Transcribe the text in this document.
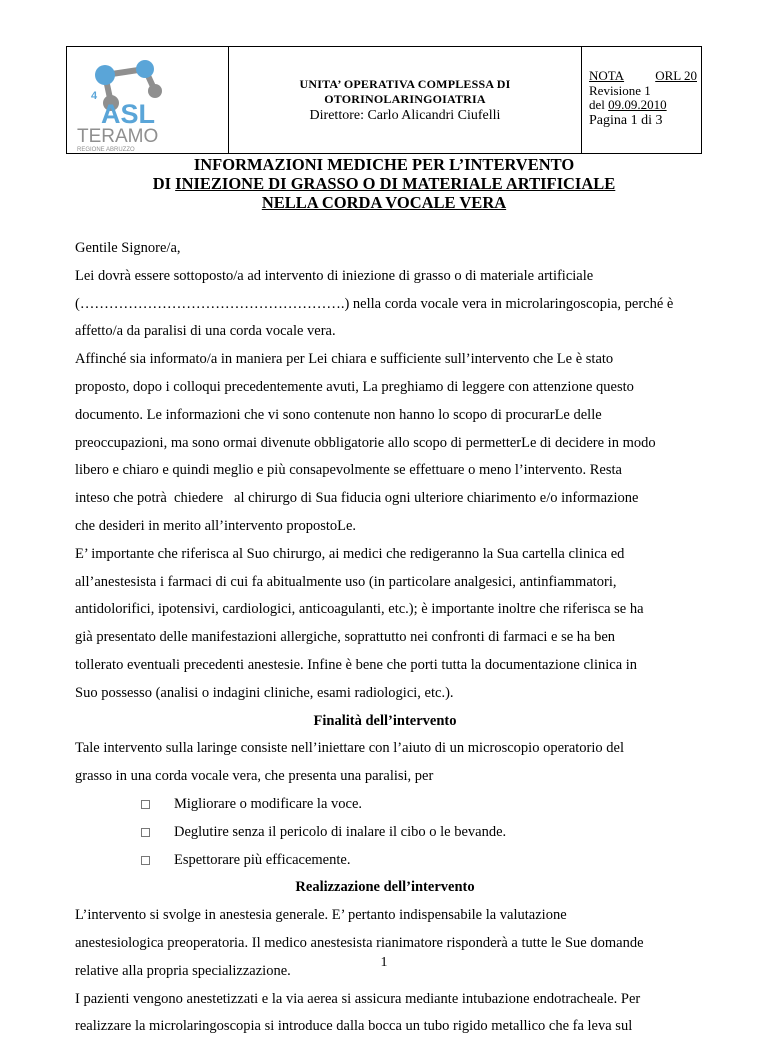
4
ASL
TERAMO
REGIONE ABRUZZO
UNITA’ OPERATIVA COMPLESSA DI
OTORINOLARINGOIATRIA
Direttore: Carlo Alicandri Ciufelli
NOTA ORL 20
Revisione 1
del 09.09.2010
Pagina 1 di 3
INFORMAZIONI MEDICHE PER L’INTERVENTO
DI INIEZIONE DI GRASSO O DI MATERIALE ARTIFICIALE
NELLA CORDA VOCALE VERA

Gentile Signore/a,

Lei dovrà essere sottoposto/a ad intervento di iniezione di grasso o di materiale artificiale

(……………………………………………….) nella corda vocale vera in microlaringoscopia, perché è

affetto/a da paralisi di una corda vocale vera.

Affinché sia informato/a in maniera per Lei chiara e sufficiente sull’intervento che Le è stato

proposto, dopo i colloqui precedentemente avuti, La preghiamo di leggere con attenzione questo

documento. Le informazioni che vi sono contenute non hanno lo scopo di procurarLe delle

preoccupazioni, ma sono ormai divenute obbligatorie allo scopo di permetterLe di decidere in modo

libero e chiaro e quindi meglio e più consapevolmente se effettuare o meno l’intervento. Resta

inteso che potrà  chiedere   al chirurgo di Sua fiducia ogni ulteriore chiarimento e/o informazione

che desideri in merito all’intervento propostoLe.

E’ importante che riferisca al Suo chirurgo, ai medici che redigeranno la Sua cartella clinica ed

all’anestesista i farmaci di cui fa abitualmente uso (in particolare analgesici, antinfiammatori,

antidolorifici, ipotensivi, cardiologici, anticoagulanti, etc.); è importante inoltre che riferisca se ha

già presentato delle manifestazioni allergiche, soprattutto nei confronti di farmaci e se ha ben

tollerato eventuali precedenti anestesie. Infine è bene che porti tutta la documentazione clinica in

Suo possesso (analisi o indagini cliniche, esami radiologici, etc.).

Finalità dell’intervento

Tale intervento sulla laringe consiste nell’iniettare con l’aiuto di un microscopio operatorio del

grasso in una corda vocale vera, che presenta una paralisi, per

Migliorare o modificare la voce.
Deglutire senza il pericolo di inalare il cibo o le bevande.
Espettorare più efficacemente.

Realizzazione dell’intervento

L’intervento si svolge in anestesia generale. E’ pertanto indispensabile la valutazione

anestesiologica preoperatoria. Il medico anestesista rianimatore risponderà a tutte le Sue domande

relative alla propria specializzazione.

I pazienti vengono anestetizzati e la via aerea si assicura mediante intubazione endotracheale. Per

realizzare la microlaringoscopia si introduce dalla bocca un tubo rigido metallico che fa leva sul

1
